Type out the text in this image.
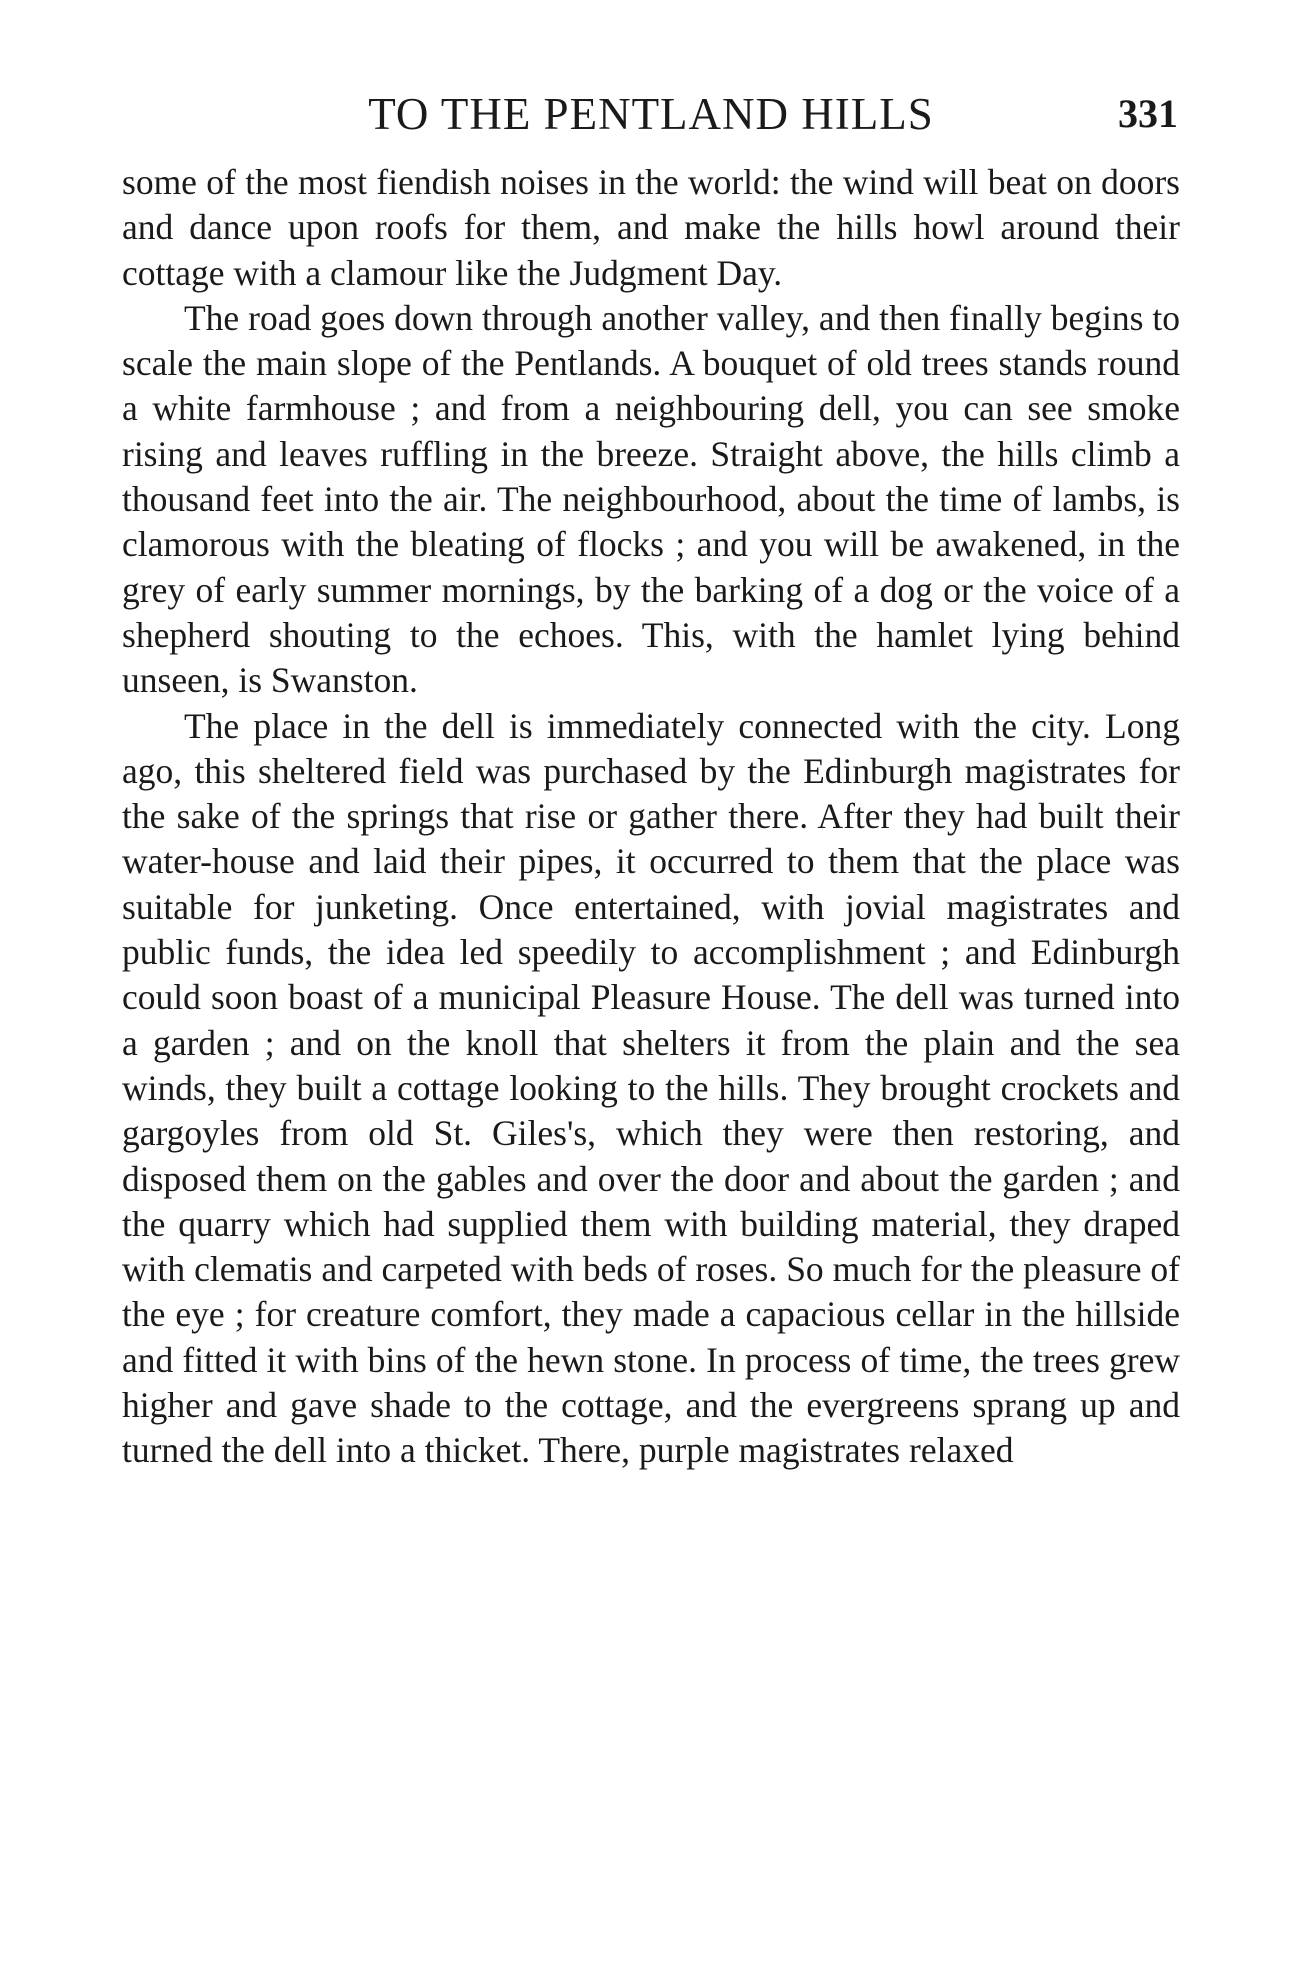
TO THE PENTLAND HILLS	331

some of the most fiendish noises in the world: the wind will beat on doors and dance upon roofs for them, and make the hills howl around their cottage with a clamour like the Judgment Day.

The road goes down through another valley, and then finally begins to scale the main slope of the Pentlands. A bouquet of old trees stands round a white farmhouse ; and from a neighbouring dell, you can see smoke rising and leaves ruffling in the breeze. Straight above, the hills climb a thousand feet into the air. The neighbourhood, about the time of lambs, is clamorous with the bleating of flocks ; and you will be awakened, in the grey of early summer mornings, by the barking of a dog or the voice of a shepherd shouting to the echoes. This, with the hamlet lying behind unseen, is Swanston.

The place in the dell is immediately connected with the city. Long ago, this sheltered field was purchased by the Edinburgh magistrates for the sake of the springs that rise or gather there. After they had built their water-house and laid their pipes, it occurred to them that the place was suitable for junketing. Once entertained, with jovial magistrates and public funds, the idea led speedily to accomplishment ; and Edinburgh could soon boast of a municipal Pleasure House. The dell was turned into a garden ; and on the knoll that shelters it from the plain and the sea winds, they built a cottage looking to the hills. They brought crockets and gargoyles from old St. Giles's, which they were then restoring, and disposed them on the gables and over the door and about the garden ; and the quarry which had supplied them with building material, they draped with clematis and carpeted with beds of roses. So much for the pleasure of the eye ; for creature comfort, they made a capacious cellar in the hillside and fitted it with bins of the hewn stone. In process of time, the trees grew higher and gave shade to the cottage, and the evergreens sprang up and turned the dell into a thicket. There, purple magistrates relaxed
